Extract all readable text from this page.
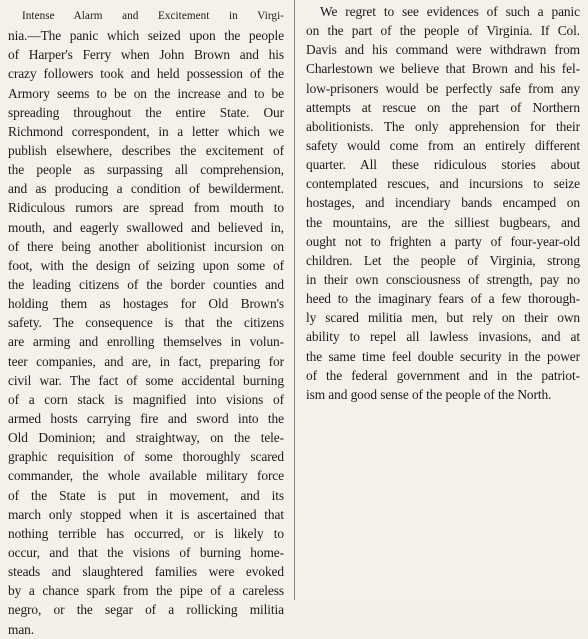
Intense Alarm and Excitement in Virgi-
nia.—The panic which seized upon the people
of Harper's Ferry when John Brown and his
crazy followers took and held possession of the
Armory seems to be on the increase and to be
spreading throughout the entire State. Our
Richmond correspondent, in a letter which we
publish elsewhere, describes the excitement of
the people as surpassing all comprehension,
and as producing a condition of bewilderment.
Ridiculous rumors are spread from mouth to
mouth, and eagerly swallowed and believed in,
of there being another abolitionist incursion on
foot, with the design of seizing upon some of
the leading citizens of the border counties and
holding them as hostages for Old Brown's
safety. The consequence is that the citizens
are arming and enrolling themselves in volun-
teer companies, and are, in fact, preparing for
civil war. The fact of some accidental burning
of a corn stack is magnified into visions of
armed hosts carrying fire and sword into the
Old Dominion; and straightway, on the tele-
graphic requisition of some thoroughly scared
commander, the whole available military force
of the State is put in movement, and its
march only stopped when it is ascertained that
nothing terrible has occurred, or is likely to
occur, and that the visions of burning home-
steads and slaughtered families were evoked
by a chance spark from the pipe of a careless
negro, or the segar of a rollicking militia
man.
We regret to see evidences of such a panic
on the part of the people of Virginia. If Col.
Davis and his command were withdrawn from
Charlestown we believe that Brown and his fel-
low-prisoners would be perfectly safe from any
attempts at rescue on the part of Northern
abolitionists. The only apprehension for their
safety would come from an entirely different
quarter. All these ridiculous stories about
contemplated rescues, and incursions to seize
hostages, and incendiary bands encamped on
the mountains, are the silliest bugbears, and
ought not to frighten a party of four-year-old
children. Let the people of Virginia, strong
in their own consciousness of strength, pay no
heed to the imaginary fears of a few thorough-
ly scared militia men, but rely on their own
ability to repel all lawless invasions, and at
the same time feel double security in the power
of the federal government and in the patriot-
ism and good sense of the people of the North.
